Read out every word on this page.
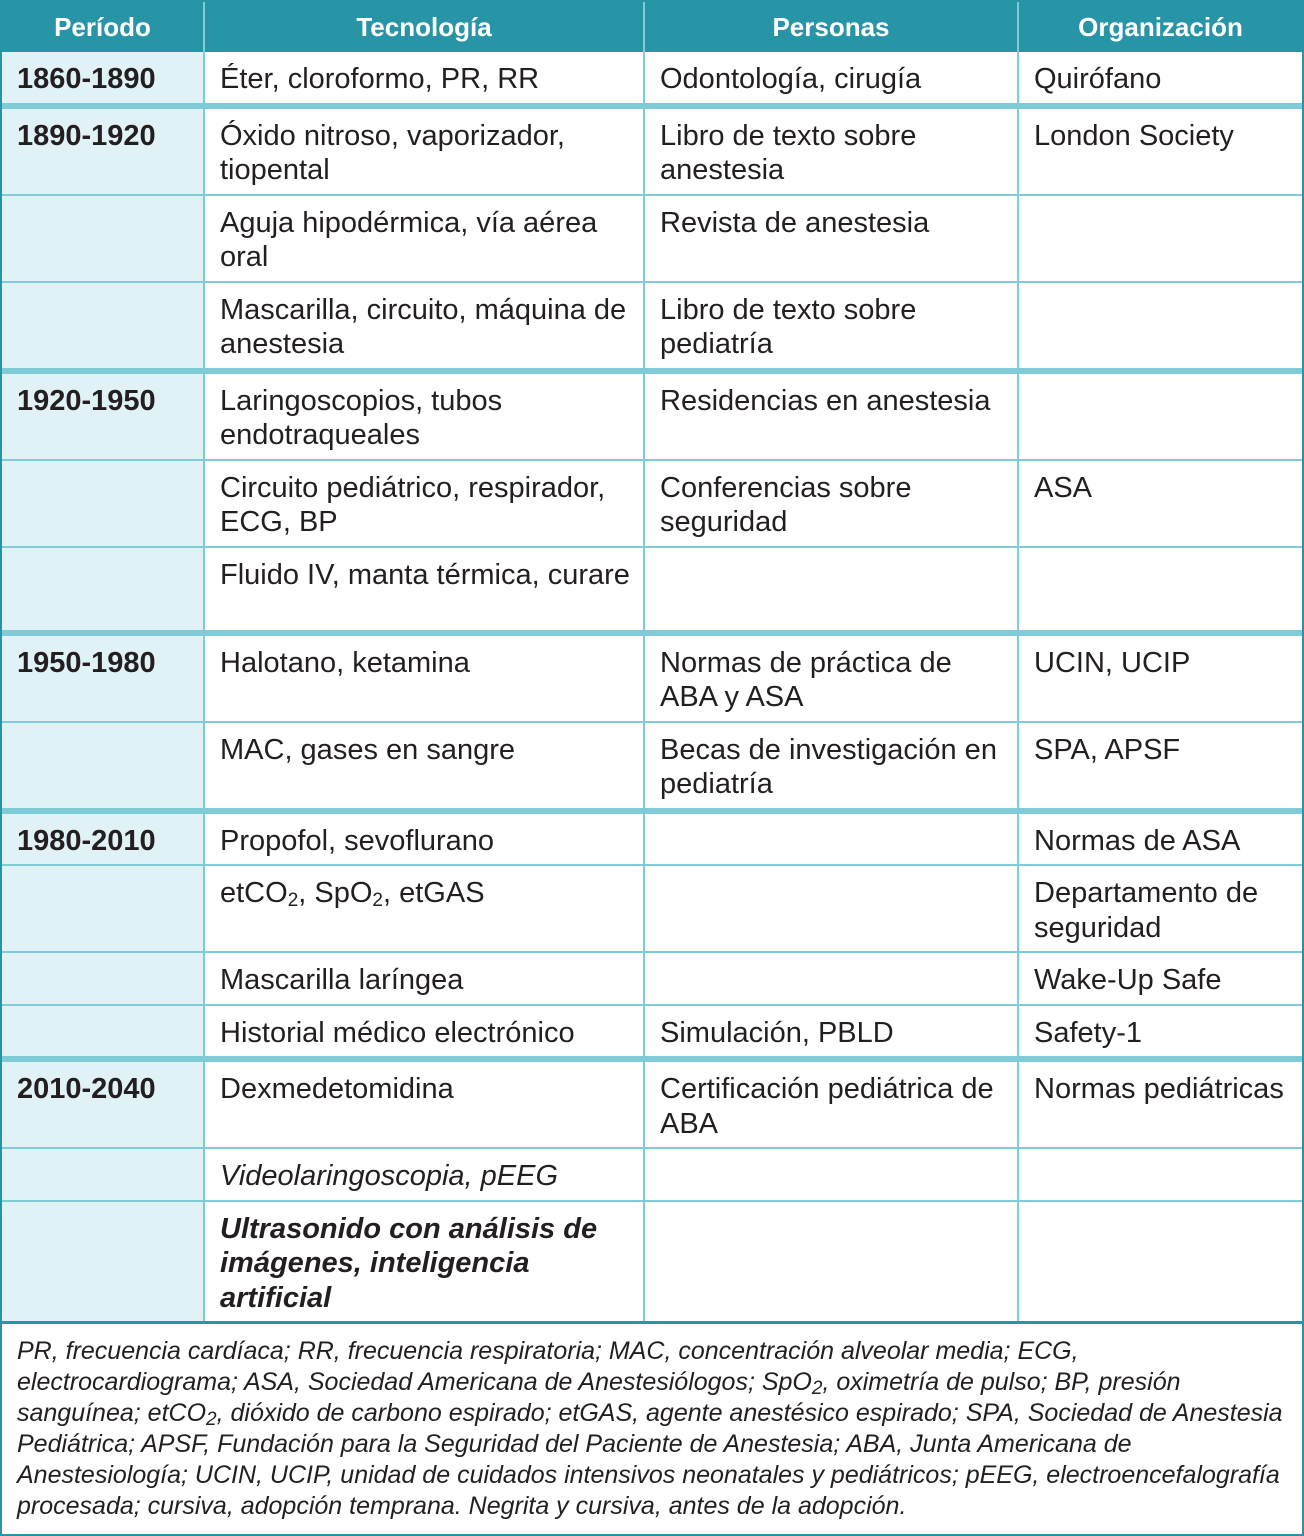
Período	Tecnología	Personas	Organización
1860-1890	Éter, cloroformo, PR, RR	Odontología, cirugía	Quirófano
1890-1920	Óxido nitroso, vaporizador, tiopental	Libro de texto sobre anestesia	London Society
	Aguja hipodérmica, vía aérea oral	Revista de anestesia	
	Mascarilla, circuito, máquina de anestesia	Libro de texto sobre pediatría	
1920-1950	Laringoscopios, tubos endotraqueales	Residencias en anestesia	
	Circuito pediátrico, respirador, ECG, BP	Conferencias sobre seguridad	ASA
	Fluido IV, manta térmica, curare		
1950-1980	Halotano, ketamina	Normas de práctica de ABA y ASA	UCIN, UCIP
	MAC, gases en sangre	Becas de investigación en pediatría	SPA, APSF
1980-2010	Propofol, sevoflurano		Normas de ASA
	etCO$_2$, SpO$_2$, etGAS		Departamento de seguridad
	Mascarilla laríngea		Wake-Up Safe
	Historial médico electrónico	Simulación, PBLD	Safety-1
2010-2040	Dexmedetomidina	Certificación pediátrica de ABA	Normas pediátricas
	Videolaringoscopia, pEEG		
	Ultrasonido con análisis de imágenes, inteligencia artificial		
PR, frecuencia cardíaca; RR, frecuencia respiratoria; MAC, concentración alveolar media; ECG, electrocardiograma; ASA, Sociedad Americana de Anestesiólogos; SpO$_2$, oximetría de pulso; BP, presión sanguínea; etCO$_2$, dióxido de carbono espirado; etGAS, agente anestésico espirado; SPA, Sociedad de Anestesia Pediátrica; APSF, Fundación para la Seguridad del Paciente de Anestesia; ABA, Junta Americana de Anestesiología; UCIN, UCIP, unidad de cuidados intensivos neonatales y pediátricos; pEEG, electroencefalografía procesada; cursiva, adopción temprana. Negrita y cursiva, antes de la adopción.
